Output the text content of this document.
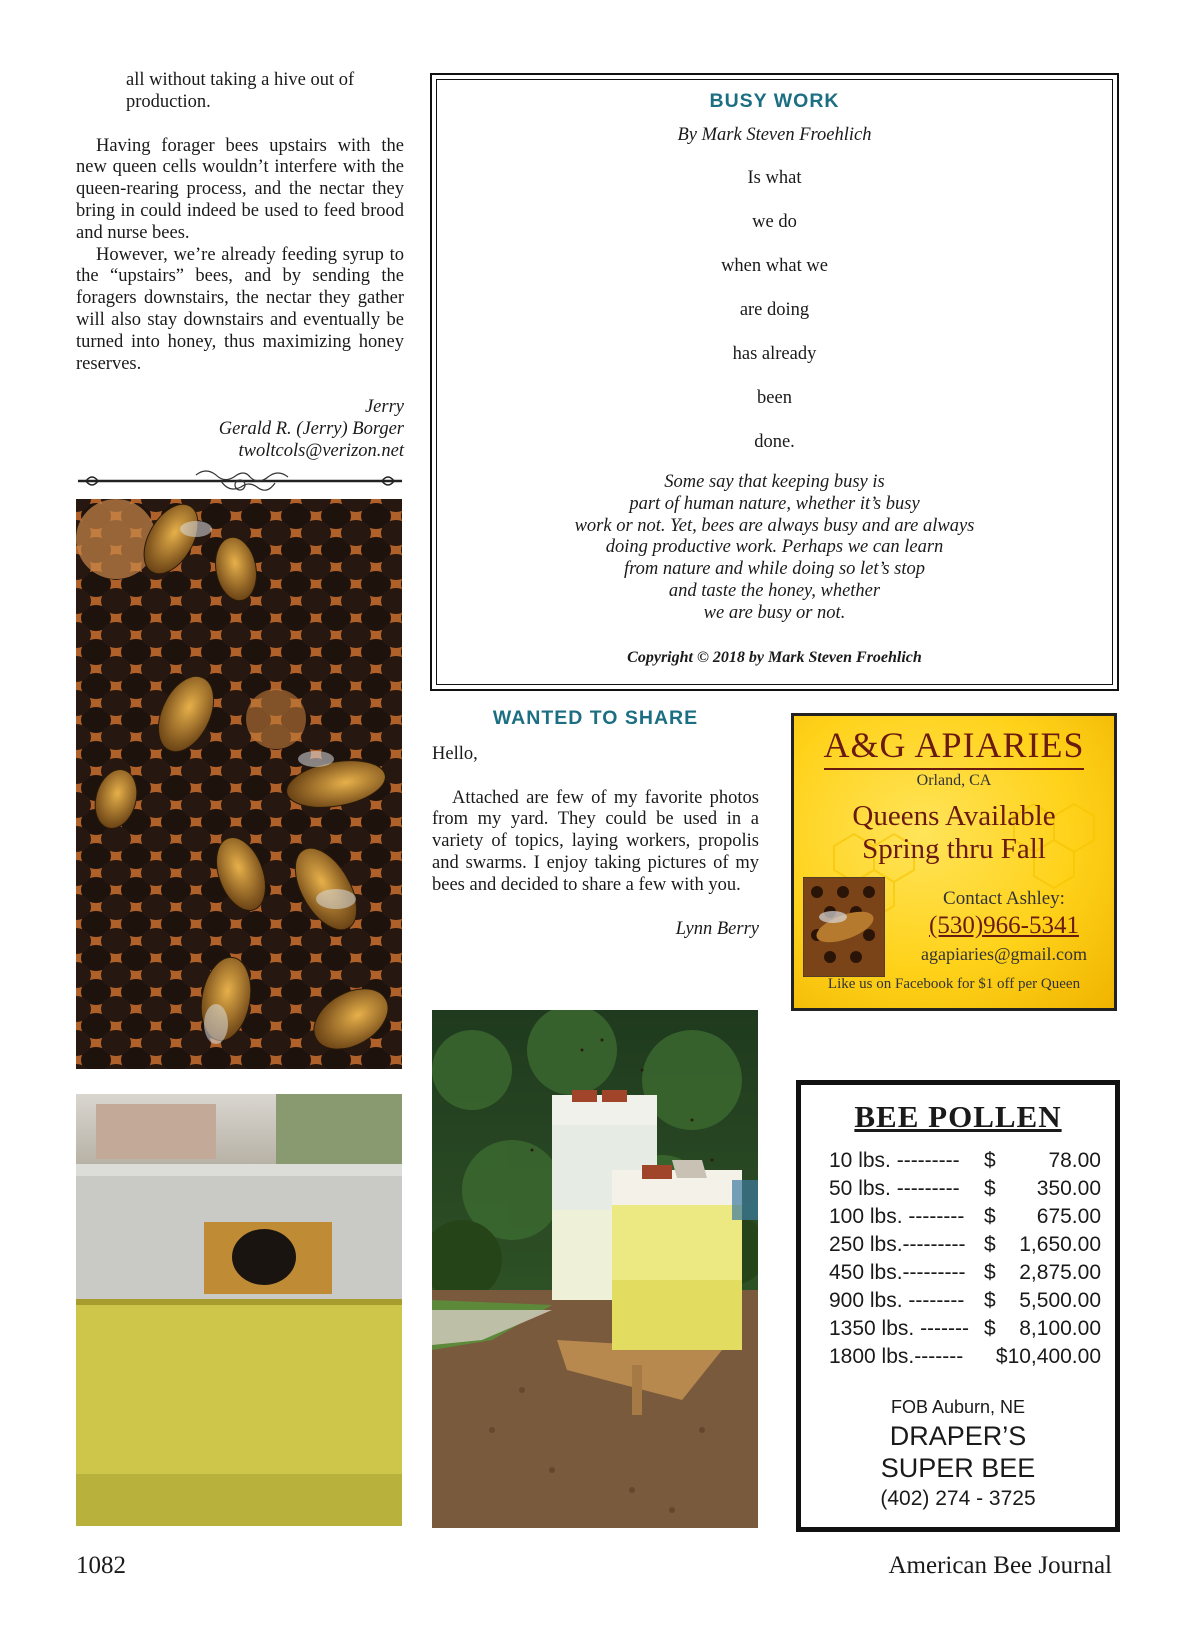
all without taking a hive out of production.

Having forager bees upstairs with the new queen cells wouldn’t interfere with the queen-rearing process, and the nectar they bring in could indeed be used to feed brood and nurse bees.

However, we’re already feeding syrup to the “upstairs” bees, and by sending the foragers downstairs, the nectar they gather will also stay downstairs and eventually be turned into honey, thus maximizing honey reserves.

Jerry
Gerald R. (Jerry) Borger
twoltcols@verizon.net
BUSY WORK
By Mark Steven Froehlich
Is what
we do
when what we
are doing
has already
been
done.
Some say that keeping busy is
part of human nature, whether it’s busy
work or not. Yet, bees are always busy and are always
doing productive work. Perhaps we can learn
from nature and while doing so let’s stop
and taste the honey, whether
we are busy or not.
Copyright © 2018 by Mark Steven Froehlich
WANTED TO SHARE

Hello,

Attached are few of my favorite photos from my yard. They could be used in a variety of topics, laying workers, propolis and swarms. I enjoy taking pictures of my bees and decided to share a few with you.

Lynn Berry

A&G APIARIES
Orland, CA
Queens Available
Spring thru Fall
Contact Ashley:
(530)966-5341
agapiaries@gmail.com
Like us on Facebook for $1 off per Queen
BEE POLLEN
10 lbs. --------- $	78.00
50 lbs. --------- $ 350.00
100 lbs. -------- $ 675.00
250 lbs.--------- $ 1,650.00
450 lbs.--------- $ 2,875.00
900 lbs. -------- $ 5,500.00
1350 lbs. ------- $ 8,100.00
1800 lbs.------- $10,400.00
FOB Auburn, NE
DRAPER’S
SUPER BEE
(402) 274 - 3725
1082	American Bee Journal
